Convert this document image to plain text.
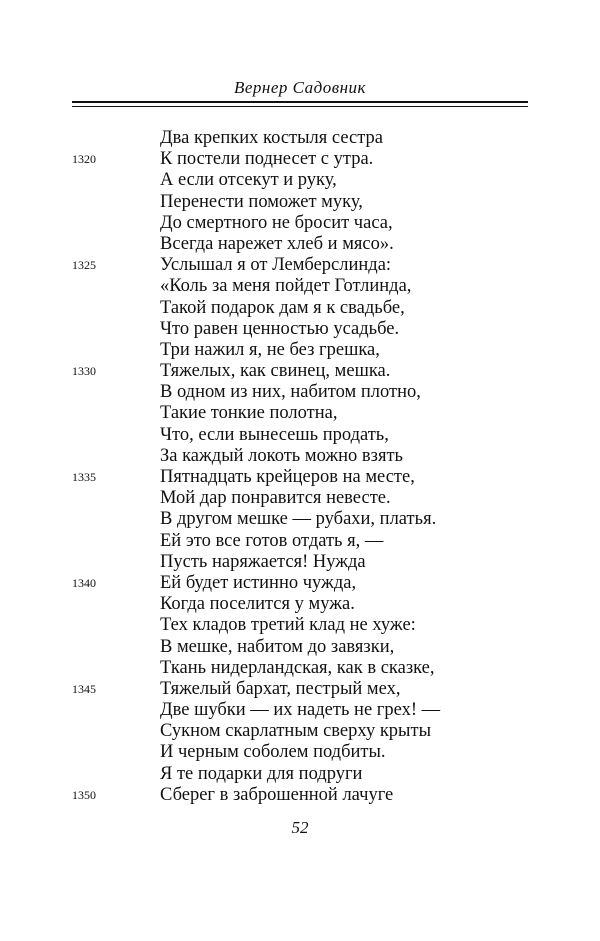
Вернер Садовник
Два крепких костыля сестра
1320	К постели поднесет с утра.
А если отсекут и руку,
Перенести поможет муку,
До смертного не бросит часа,
Всегда нарежет хлеб и мясо».
1325	Услышал я от Лемберслинда:
«Коль за меня пойдет Готлинда,
Такой подарок дам я к свадьбе,
Что равен ценностью усадьбе.
Три нажил я, не без грешка,
1330	Тяжелых, как свинец, мешка.
В одном из них, набитом плотно,
Такие тонкие полотна,
Что, если вынесешь продать,
За каждый локоть можно взять
1335	Пятнадцать крейцеров на месте,
Мой дар понравится невесте.
В другом мешке — рубахи, платья.
Ей это все готов отдать я, —
Пусть наряжается! Нужда
1340	Ей будет истинно чужда,
Когда поселится у мужа.
Тех кладов третий клад не хуже:
В мешке, набитом до завязки,
Ткань нидерландская, как в сказке,
1345	Тяжелый бархат, пестрый мех,
Две шубки — их надеть не грех! —
Сукном скарлатным сверху крыты
И черным соболем подбиты.
Я те подарки для подруги
1350	Сберег в заброшенной лачуге
52
